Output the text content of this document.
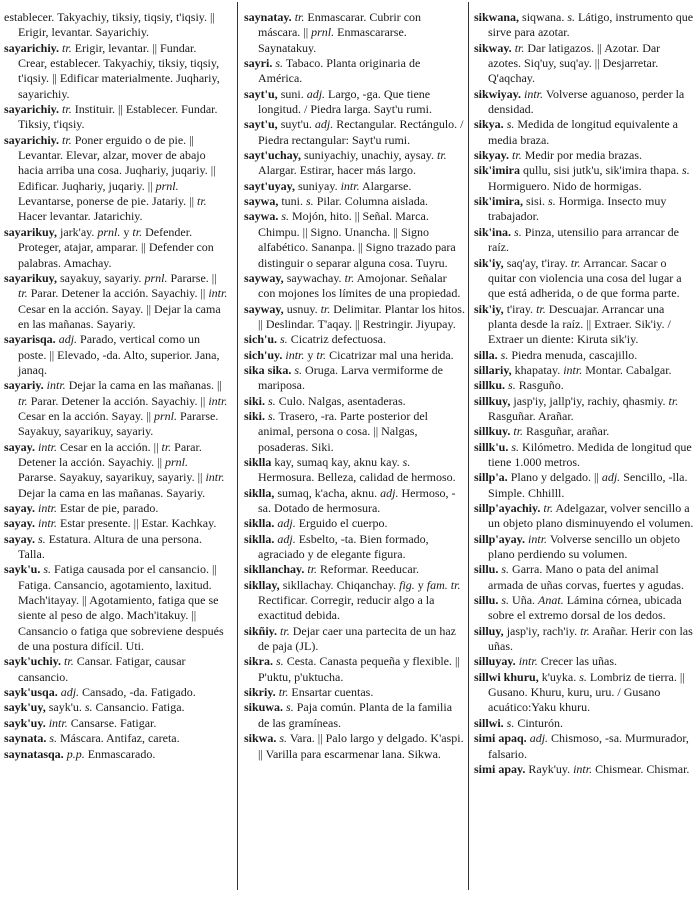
establecer. Takyachiy, tiksiy, tiqsiy, t'iqsiy. || Erigir, levantar. Sayarichiy.

sayarichiy. tr. Erigir, levantar. || Fundar. Crear, establecer. Takyachiy, tiksiy, tiqsiy, t'iqsiy. || Edificar materialmente. Juqhariy, sayarichiy.

sayarichiy. tr. Instituir. || Establecer. Fundar. Tiksiy, t'iqsiy.

sayarichiy. tr. Poner erguido o de pie. || Levantar. Elevar, alzar, mover de abajo hacia arriba una cosa. Juqhariy, juqariy. || Edificar. Juqhariy, juqariy. || prnl. Levantarse, ponerse de pie. Jatariy. || tr. Hacer levantar. Jatarichiy.

sayarikuy, jark'ay. prnl. y tr. Defender. Proteger, atajar, amparar. || Defender con palabras. Amachay.

sayarikuy, sayakuy, sayariy. prnl. Pararse. || tr. Parar. Detener la acción. Sayachiy. || intr. Cesar en la acción. Sayay. || Dejar la cama en las mañanas. Sayariy.

sayarisqa. adj. Parado, vertical como un poste. || Elevado, -da. Alto, superior. Jana, janaq.

sayariy. intr. Dejar la cama en las mañanas. || tr. Parar. Detener la acción. Sayachiy. || intr. Cesar en la acción. Sayay. || prnl. Pararse. Sayakuy, sayarikuy, sayariy.

sayay. intr. Cesar en la acción. || tr. Parar. Detener la acción. Sayachiy. || prnl. Pararse. Sayakuy, sayarikuy, sayariy. || intr. Dejar la cama en las mañanas. Sayariy.

sayay. intr. Estar de pie, parado.

sayay. intr. Estar presente. || Estar. Kachkay.

sayay. s. Estatura. Altura de una persona. Talla.

sayk'u. s. Fatiga causada por el cansancio. || Fatiga. Cansancio, agotamiento, laxitud. Mach'itayay. || Agotamiento, fatiga que se siente al peso de algo. Mach'itakuy. || Cansancio o fatiga que sobreviene después de una postura difícil. Uti.

sayk'uchiy. tr. Cansar. Fatigar, causar cansancio.

sayk'usqa. adj. Cansado, -da. Fatigado.

sayk'uy, sayk'u. s. Cansancio. Fatiga.

sayk'uy. intr. Cansarse. Fatigar.

saynata. s. Máscara. Antifaz, careta.

saynatasqa. p.p. Enmascarado.

saynatay. tr. Enmascarar. Cubrir con máscara. || prnl. Enmascararse. Saynatakuy.

sayri. s. Tabaco. Planta originaria de América.

sayt'u, suni. adj. Largo, -ga. Que tiene longitud. / Piedra larga. Sayt'u rumi.

sayt'u, suyt'u. adj. Rectangular. Rectángulo. / Piedra rectangular: Sayt'u rumi.

sayt'uchay, suniyachiy, unachiy, aysay. tr. Alargar. Estirar, hacer más largo.

sayt'uyay, suniyay. intr. Alargarse.

saywa, tuni. s. Pilar. Columna aislada.

saywa. s. Mojón, hito. || Señal. Marca. Chimpu. || Signo. Unancha. || Signo alfabético. Sananpa. || Signo trazado para distinguir o separar alguna cosa. Tuyru.

sayway, saywachay. tr. Amojonar. Señalar con mojones los límites de una propiedad.

sayway, usnuy. tr. Delimitar. Plantar los hitos. || Deslindar. T'aqay. || Restringir. Jiyupay.

sich'u. s. Cicatriz defectuosa.

sich'uy. intr. y tr. Cicatrizar mal una herida.

sika sika. s. Oruga. Larva vermiforme de mariposa.

siki. s. Culo. Nalgas, asentaderas.

siki. s. Trasero, -ra. Parte posterior del animal, persona o cosa. || Nalgas, posaderas. Siki.

siklla kay, sumaq kay, aknu kay. s. Hermosura. Belleza, calidad de hermoso.

siklla, sumaq, k'acha, aknu. adj. Hermoso, -sa. Dotado de hermosura.

siklla. adj. Erguido el cuerpo.

siklla. adj. Esbelto, -ta. Bien formado, agraciado y de elegante figura.

sikllanchay. tr. Reformar. Reeducar.

sikllay, sikllachay. Chiqanchay. fig. y fam. tr. Rectificar. Corregir, reducir algo a la exactitud debida.

sikñiy. tr. Dejar caer una partecita de un haz de paja (JL).

sikra. s. Cesta. Canasta pequeña y flexible. || P'uktu, p'uktucha.

sikriy. tr. Ensartar cuentas.

sikuwa. s. Paja común. Planta de la familia de las gramíneas.

sikwa. s. Vara. || Palo largo y delgado. K'aspi. || Varilla para escarmenar lana. Sikwa.

sikwana, siqwana. s. Látigo, instrumento que sirve para azotar.

sikway. tr. Dar latigazos. || Azotar. Dar azotes. Siq'uy, suq'ay. || Desjarretar. Q'aqchay.

sikwiyay. intr. Volverse aguanoso, perder la densidad.

sikya. s. Medida de longitud equivalente a media braza.

sikyay. tr. Medir por media brazas.

sik'imira qullu, sisi jutk'u, sik'imira thapa. s. Hormiguero. Nido de hormigas.

sik'imira, sisi. s. Hormiga. Insecto muy trabajador.

sik'ina. s. Pinza, utensilio para arrancar de raíz.

sik'iy, saq'ay, t'iray. tr. Arrancar. Sacar o quitar con violencia una cosa del lugar a que está adherida, o de que forma parte.

sik'iy, t'iray. tr. Descuajar. Arrancar una planta desde la raíz. || Extraer. Sik'iy. / Extraer un diente: Kiruta sik'iy.

silla. s. Piedra menuda, cascajillo.

sillariy, khapatay. intr. Montar. Cabalgar.

sillku. s. Rasguño.

sillkuy, jasp'iy, jallp'iy, rachiy, qhasmiy. tr. Rasguñar. Arañar.

sillkuy. tr. Rasguñar, arañar.

sillk'u. s. Kilómetro. Medida de longitud que tiene 1.000 metros.

sillp'a. Plano y delgado. || adj. Sencillo, -lla. Simple. Chhilll.

sillp'ayachiy. tr. Adelgazar, volver sencillo a un objeto plano disminuyendo el volumen.

sillp'ayay. intr. Volverse sencillo un objeto plano perdiendo su volumen.

sillu. s. Garra. Mano o pata del animal armada de uñas corvas, fuertes y agudas.

sillu. s. Uña. Anat. Lámina córnea, ubicada sobre el extremo dorsal de los dedos.

silluy, jasp'iy, rach'iy. tr. Arañar. Herir con las uñas.

silluyay. intr. Crecer las uñas.

sillwi khuru, k'uyka. s. Lombriz de tierra. || Gusano. Khuru, kuru, uru. / Gusano acuático:Yaku khuru.

sillwi. s. Cinturón.

simi apaq. adj. Chismoso, -sa. Murmurador, falsario.

simi apay. Rayk'uy. intr. Chismear. Chismar.
